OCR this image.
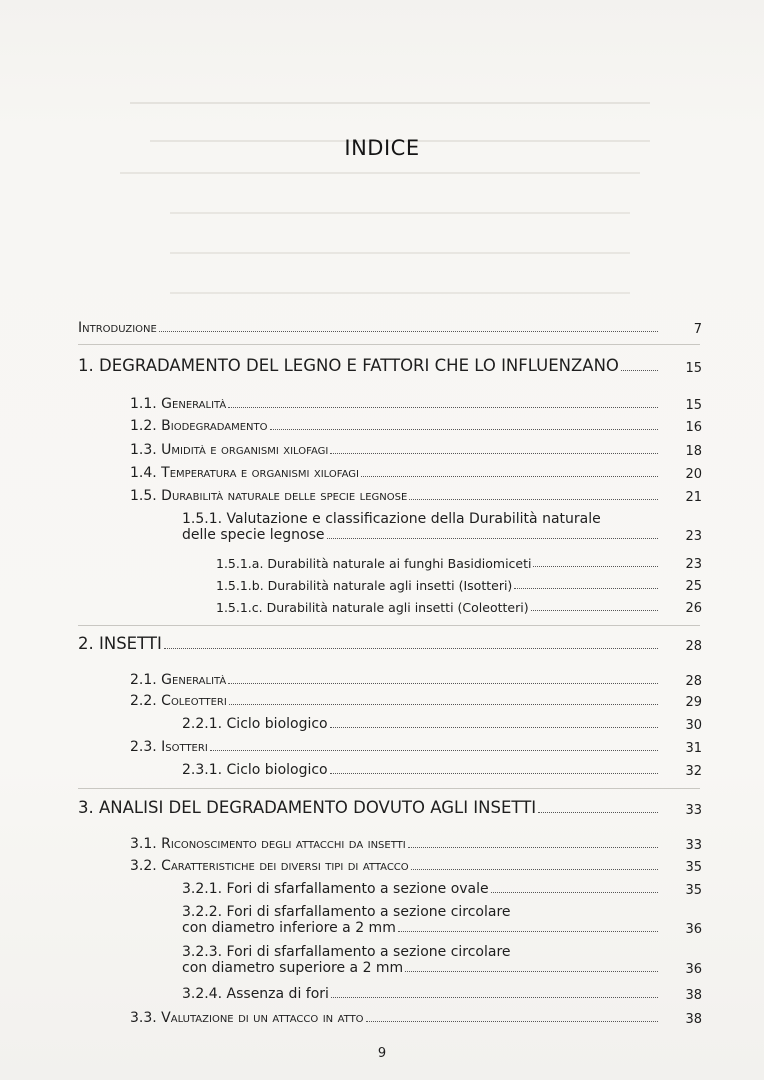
INDICE
Introduzione	7
1. DEGRADAMENTO DEL LEGNO E FATTORI CHE LO INFLUENZANO	15
1.1. Generalità	15
1.2. Biodegradamento	16
1.3. Umidità e organismi xilofagi	18
1.4. Temperatura e organismi xilofagi	20
1.5. Durabilità naturale delle specie legnose	21
1.5.1. Valutazione e classificazione della Durabilità naturale
delle specie legnose	23
1.5.1.a. Durabilità naturale ai funghi Basidiomiceti	23
1.5.1.b. Durabilità naturale agli insetti (Isotteri)	25
1.5.1.c. Durabilità naturale agli insetti (Coleotteri)	26
2. INSETTI	28
2.1. Generalità	28
2.2. Coleotteri	29
2.2.1. Ciclo biologico	30
2.3. Isotteri	31
2.3.1. Ciclo biologico	32
3. ANALISI DEL DEGRADAMENTO DOVUTO AGLI INSETTI	33
3.1. Riconoscimento degli attacchi da insetti	33
3.2. Caratteristiche dei diversi tipi di attacco	35
3.2.1. Fori di sfarfallamento a sezione ovale	35
3.2.2. Fori di sfarfallamento a sezione circolare
con diametro inferiore a 2 mm	36
3.2.3. Fori di sfarfallamento a sezione circolare
con diametro superiore a 2 mm	36
3.2.4. Assenza di fori	38
3.3. Valutazione di un attacco in atto	38
9
